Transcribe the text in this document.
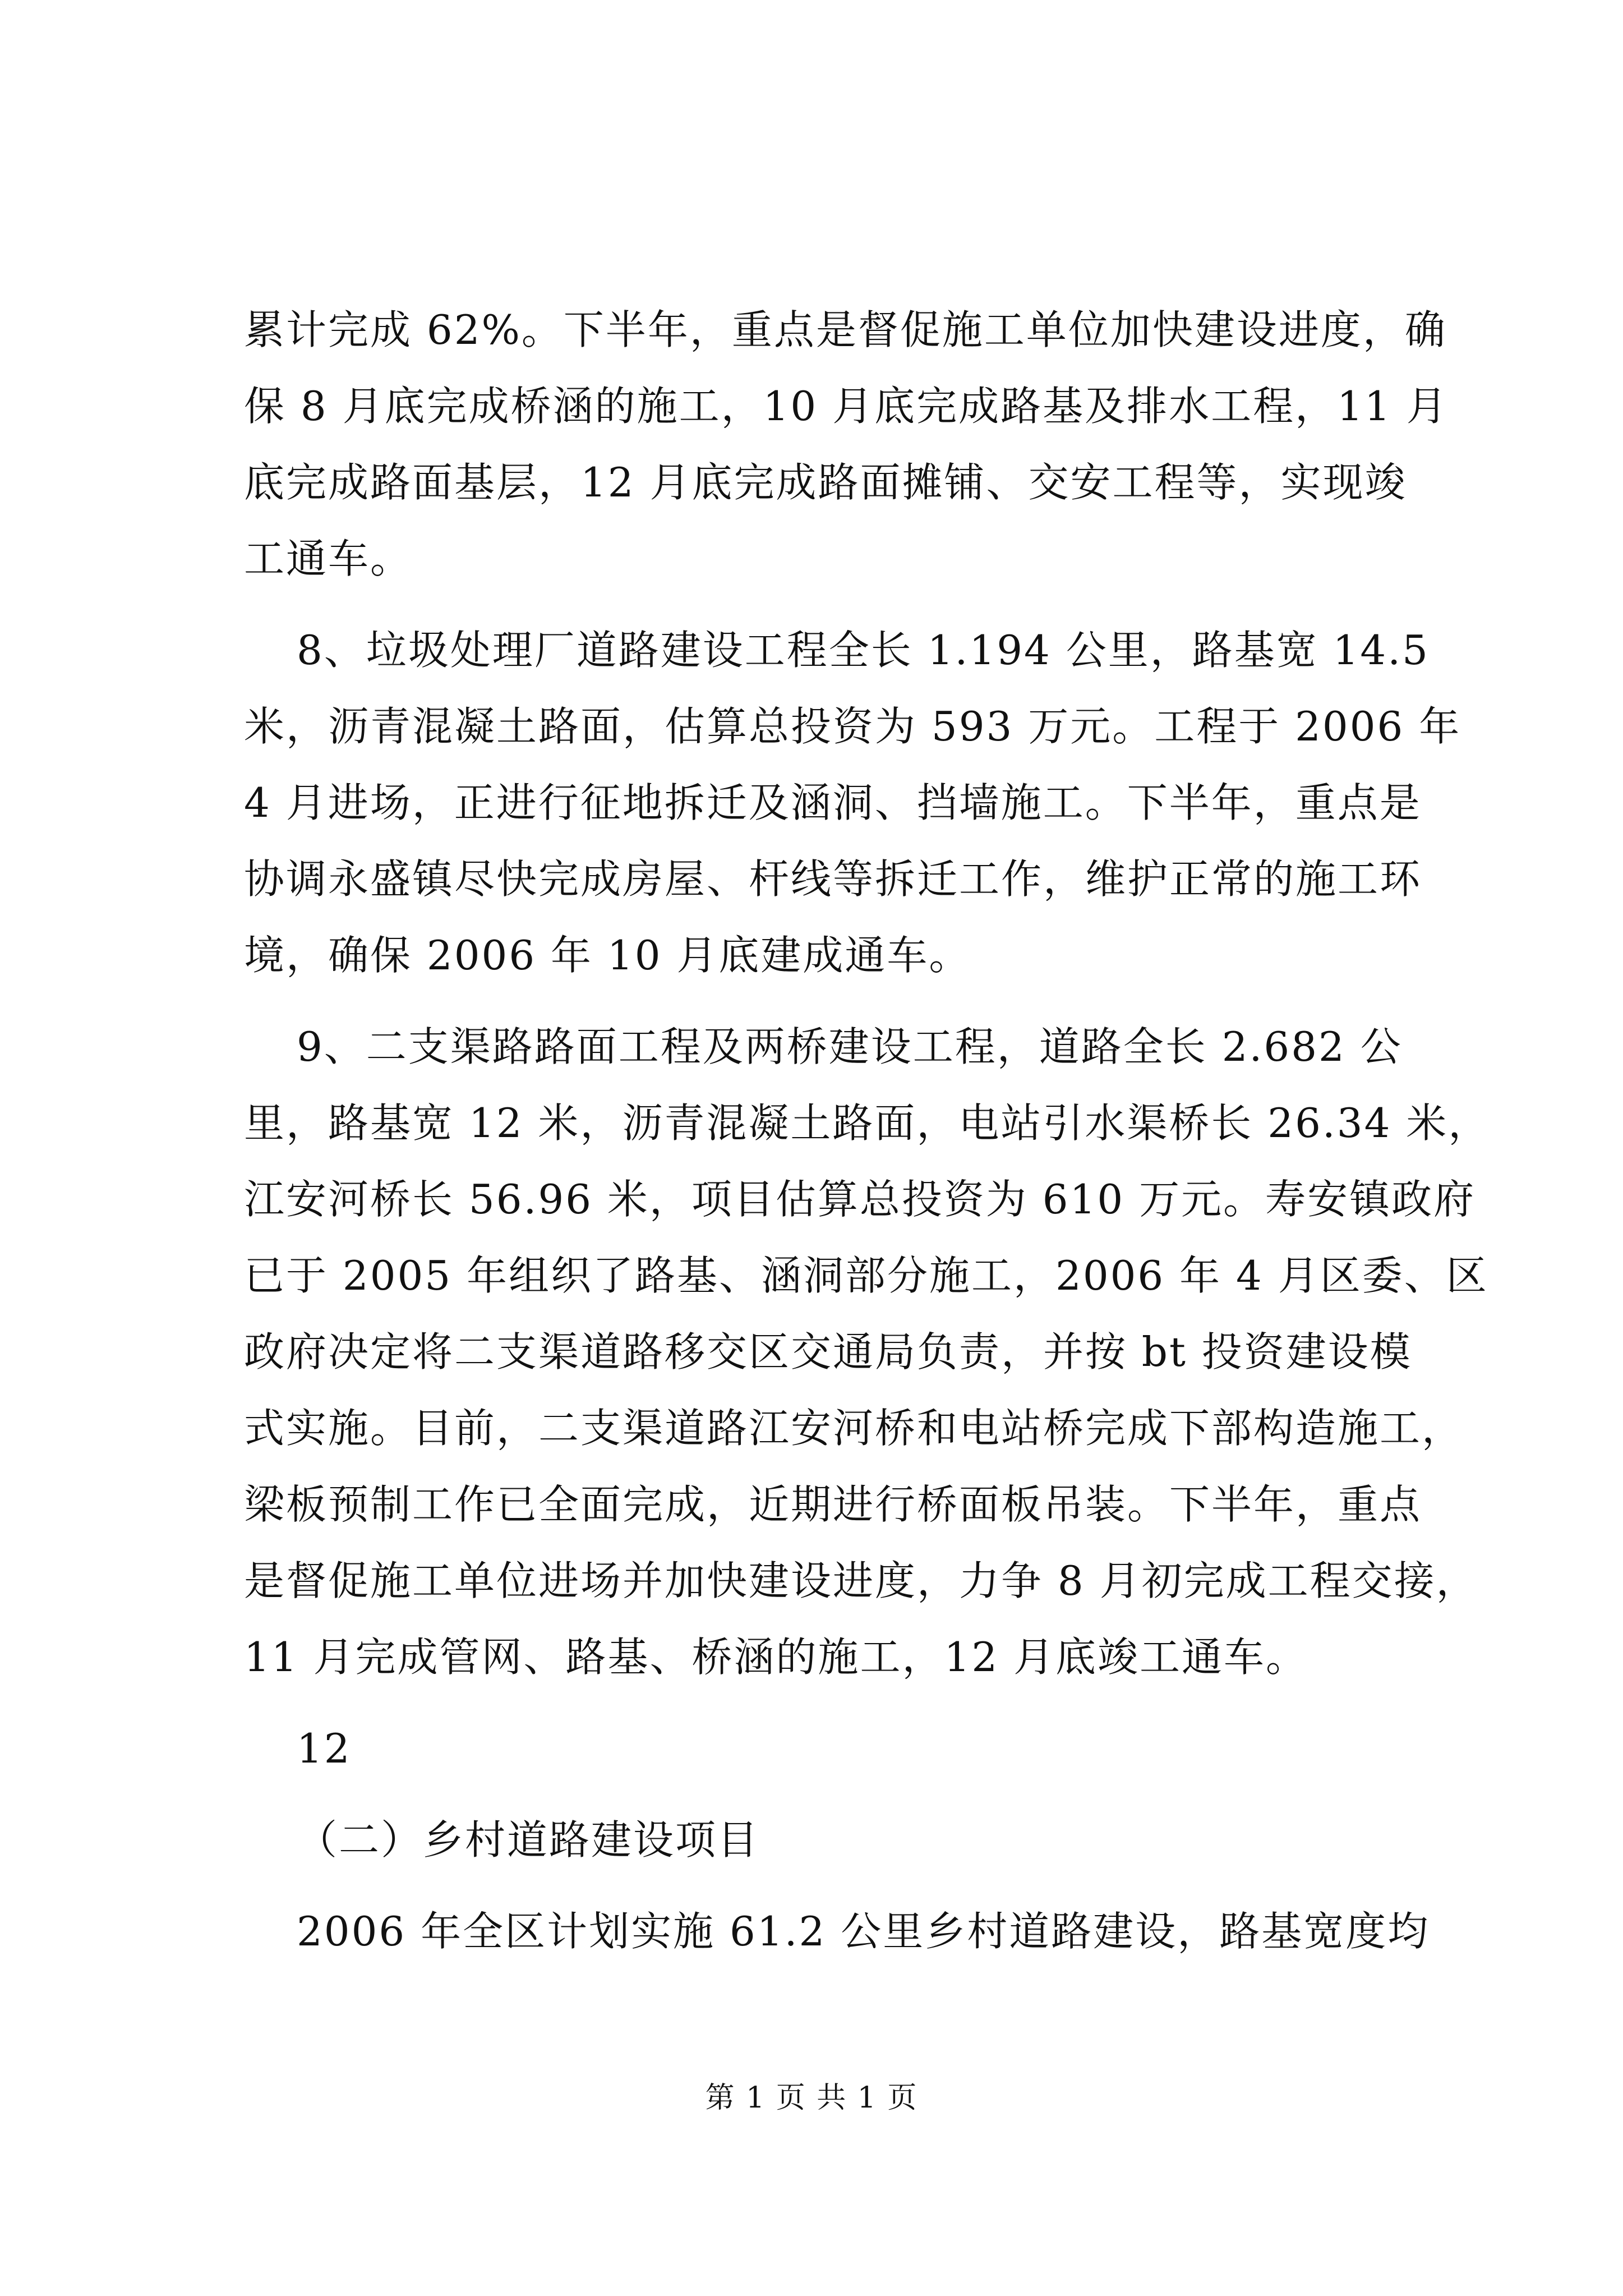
累计完成 62%。下半年，重点是督促施工单位加快建设进度，确
保 8 月底完成桥涵的施工，10 月底完成路基及排水工程，11 月
底完成路面基层，12 月底完成路面摊铺、交安工程等，实现竣
工通车。
8、垃圾处理厂道路建设工程全长 1.194 公里，路基宽 14.5
米，沥青混凝土路面，估算总投资为 593 万元。工程于 2006 年
4 月进场，正进行征地拆迁及涵洞、挡墙施工。下半年，重点是
协调永盛镇尽快完成房屋、杆线等拆迁工作，维护正常的施工环
境，确保 2006 年 10 月底建成通车。
9、二支渠路路面工程及两桥建设工程，道路全长 2.682 公
里，路基宽 12 米，沥青混凝土路面，电站引水渠桥长 26.34 米，
江安河桥长 56.96 米，项目估算总投资为 610 万元。寿安镇政府
已于 2005 年组织了路基、涵洞部分施工，2006 年 4 月区委、区
政府决定将二支渠道路移交区交通局负责，并按 bt 投资建设模
式实施。目前，二支渠道路江安河桥和电站桥完成下部构造施工，
梁板预制工作已全面完成，近期进行桥面板吊装。下半年，重点
是督促施工单位进场并加快建设进度，力争 8 月初完成工程交接，
11 月完成管网、路基、桥涵的施工，12 月底竣工通车。
12
（二）乡村道路建设项目
2006 年全区计划实施 61.2 公里乡村道路建设，路基宽度均
第 1 页 共 1 页
